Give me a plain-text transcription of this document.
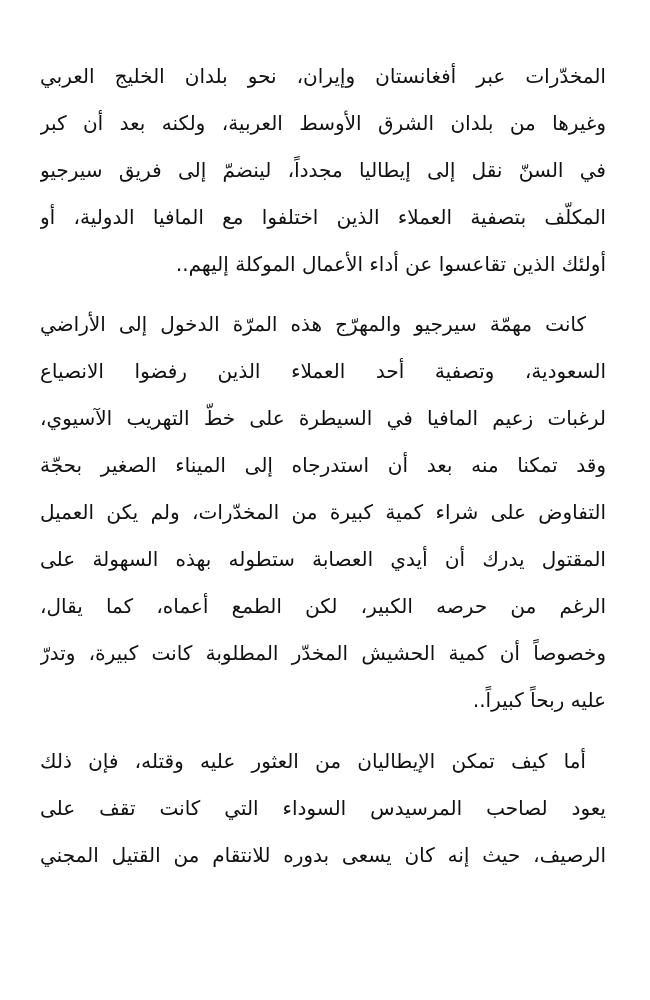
المخدّرات عبر أفغانستان وإيران، نحو بلدان الخليج العربي
وغيرها من بلدان الشرق الأوسط العربية، ولكنه بعد أن كبر
في السنّ نقل إلى إيطاليا مجدداً، لينضمّ إلى فريق سيرجيو
المكلّف بتصفية العملاء الذين اختلفوا مع المافيا الدولية، أو
أولئك الذين تقاعسوا عن أداء الأعمال الموكلة إليهم..
كانت مهمّة سيرجيو والمهرّج هذه المرّة الدخول إلى الأراضي
السعودية، وتصفية أحد العملاء الذين رفضوا الانصياع
لرغبات زعيم المافيا في السيطرة على خطّ التهريب الآسيوي،
وقد تمكنا منه بعد أن استدرجاه إلى الميناء الصغير بحجّة
التفاوض على شراء كمية كبيرة من المخدّرات، ولم يكن العميل
المقتول يدرك أن أيدي العصابة ستطوله بهذه السهولة على
الرغم من حرصه الكبير، لكن الطمع أعماه، كما يقال،
وخصوصاً أن كمية الحشيش المخدّر المطلوبة كانت كبيرة، وتدرّ
عليه ربحاً كبيراً..
أما كيف تمكن الإيطاليان من العثور عليه وقتله، فإن ذلك
يعود لصاحب المرسيدس السوداء التي كانت تقف على
الرصيف، حيث إنه كان يسعى بدوره للانتقام من القتيل المجني
